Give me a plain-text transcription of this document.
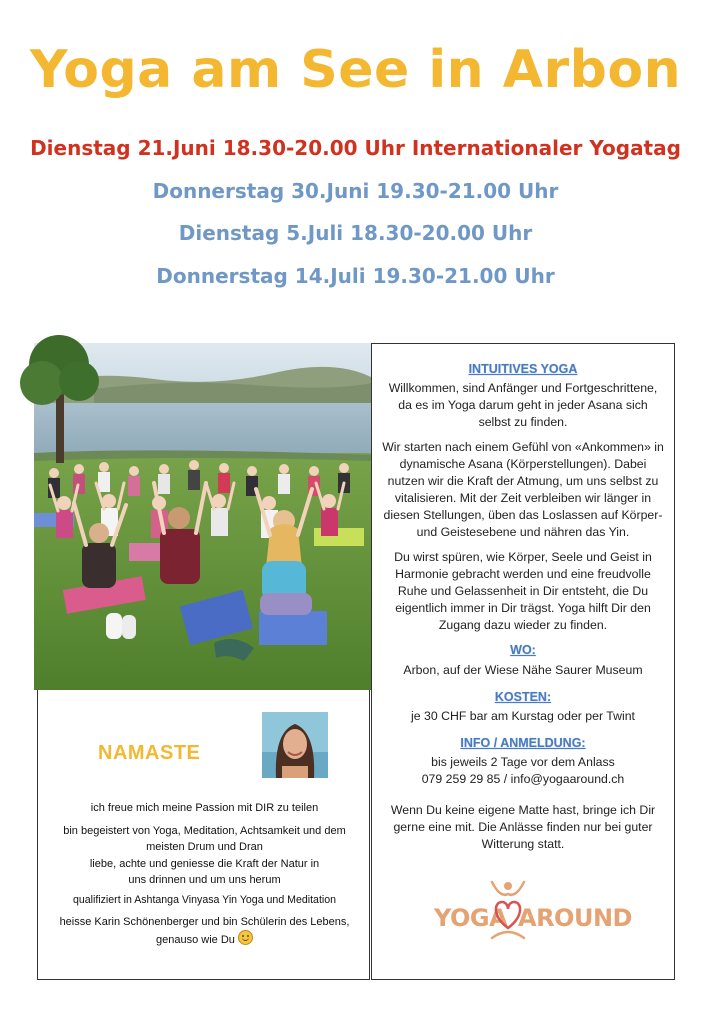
Yoga am See in Arbon
Dienstag 21.Juni 18.30-20.00 Uhr Internationaler Yogatag
Donnerstag 30.Juni 19.30-21.00 Uhr
Dienstag 5.Juli 18.30-20.00 Uhr
Donnerstag 14.Juli 19.30-21.00 Uhr
INTUITIVES YOGA
Willkommen, sind Anfänger und Fortgeschrittene, da es im Yoga darum geht in jeder Asana sich selbst zu finden.
Wir starten nach einem Gefühl von «Ankommen» in dynamische Asana (Körperstellungen). Dabei nutzen wir die Kraft der Atmung, um uns selbst zu vitalisieren. Mit der Zeit verbleiben wir länger in diesen Stellungen, üben das Loslassen auf Körper- und Geistesebene und nähren das Yin.
Du wirst spüren, wie Körper, Seele und Geist in Harmonie gebracht werden und eine freudvolle Ruhe und Gelassenheit in Dir entsteht, die Du eigentlich immer in Dir trägst. Yoga hilft Dir den Zugang dazu wieder zu finden.
WO:
Arbon, auf der Wiese Nähe Saurer Museum
KOSTEN:
je 30 CHF bar am Kurstag oder per Twint
INFO / ANMELDUNG:
bis jeweils 2 Tage vor dem Anlass
079 259 29 85 / info@yogaaround.ch
Wenn Du keine eigene Matte hast, bringe ich Dir gerne eine mit. Die Anlässe finden nur bei guter Witterung statt.
YOGA AROUND
NAMASTE
ich freue mich meine Passion mit DIR zu teilen
bin begeistert von Yoga, Meditation, Achtsamkeit und dem meisten Drum und Dran
liebe, achte und geniesse die Kraft der Natur in uns drinnen und um uns herum
qualifiziert in Ashtanga Vinyasa Yin Yoga und Meditation
heisse Karin Schönenberger und bin Schülerin des Lebens, genauso wie Du
